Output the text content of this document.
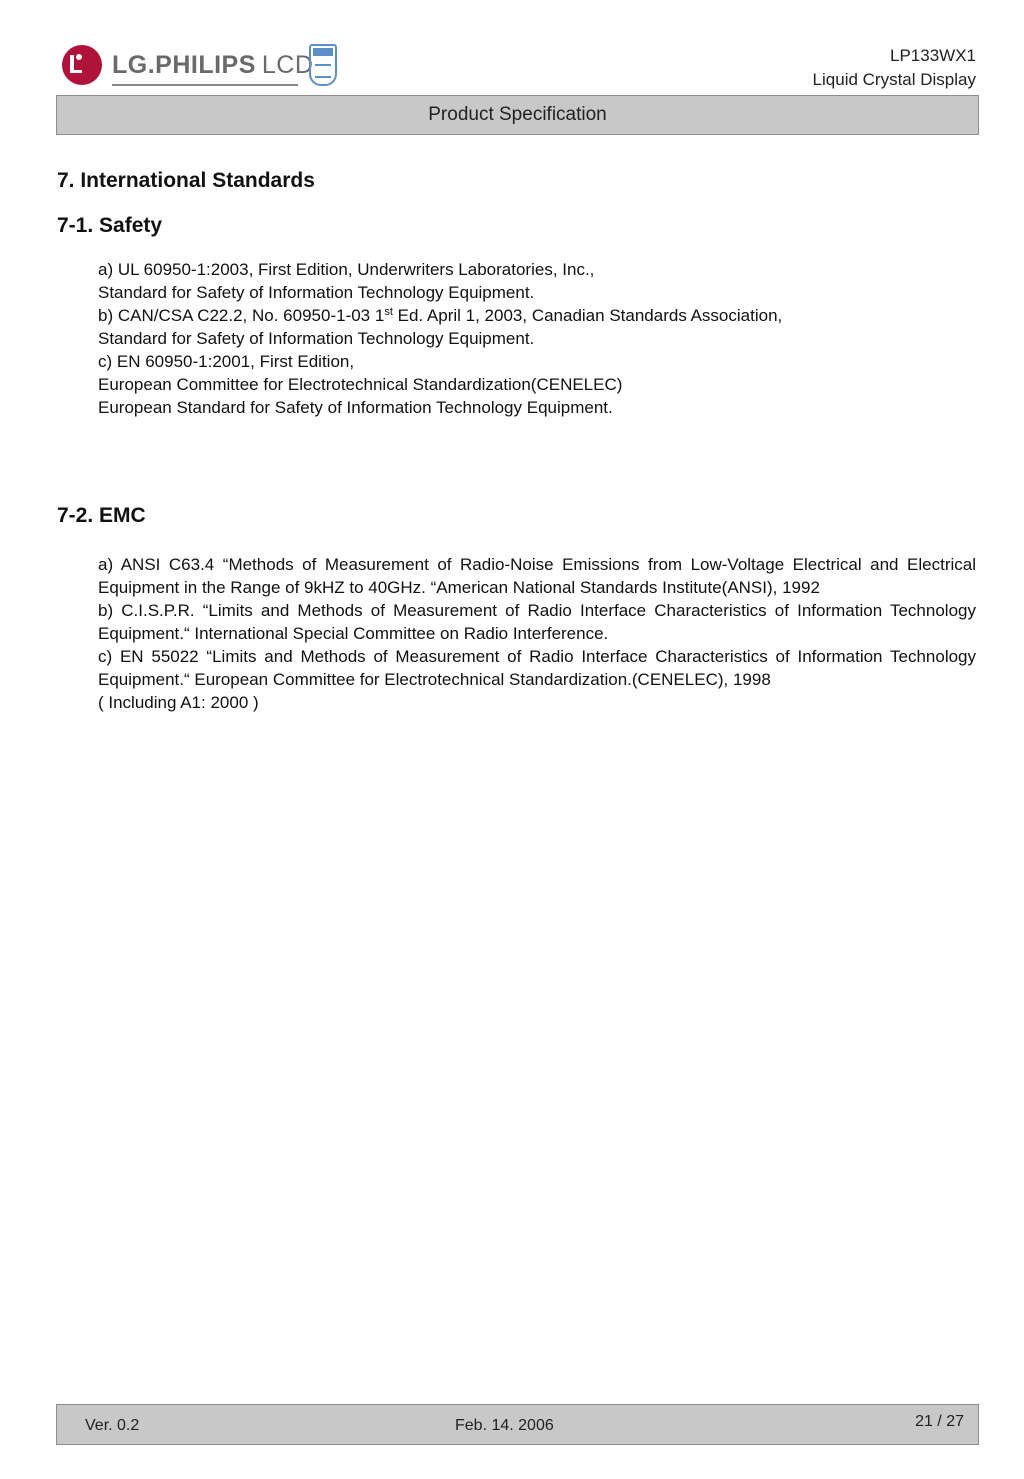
LG.PHILIPS LCD	LP133WX1
Liquid Crystal Display
Product Specification
7. International Standards
7-1. Safety

a) UL 60950-1:2003, First Edition, Underwriters Laboratories, Inc.,

Standard for Safety of Information Technology Equipment.

b) CAN/CSA C22.2, No. 60950-1-03 1st Ed. April 1, 2003, Canadian Standards Association,

Standard for Safety of Information Technology Equipment.

c) EN 60950-1:2001, First Edition,

European Committee for Electrotechnical Standardization(CENELEC)

European Standard for Safety of Information Technology Equipment.

7-2. EMC

a) ANSI C63.4 “Methods of Measurement of Radio-Noise Emissions from Low-Voltage Electrical and Electrical Equipment in the Range of 9kHZ to 40GHz. “American National Standards Institute(ANSI), 1992

b) C.I.S.P.R. “Limits and Methods of Measurement of Radio Interface Characteristics of Information Technology Equipment.“ International Special Committee on Radio Interference.

c) EN 55022 “Limits and Methods of Measurement of Radio Interface Characteristics of Information Technology Equipment.“ European Committee for Electrotechnical Standardization.(CENELEC), 1998

( Including A1: 2000 )

Ver. 0.2	Feb. 14. 2006	21 / 27
